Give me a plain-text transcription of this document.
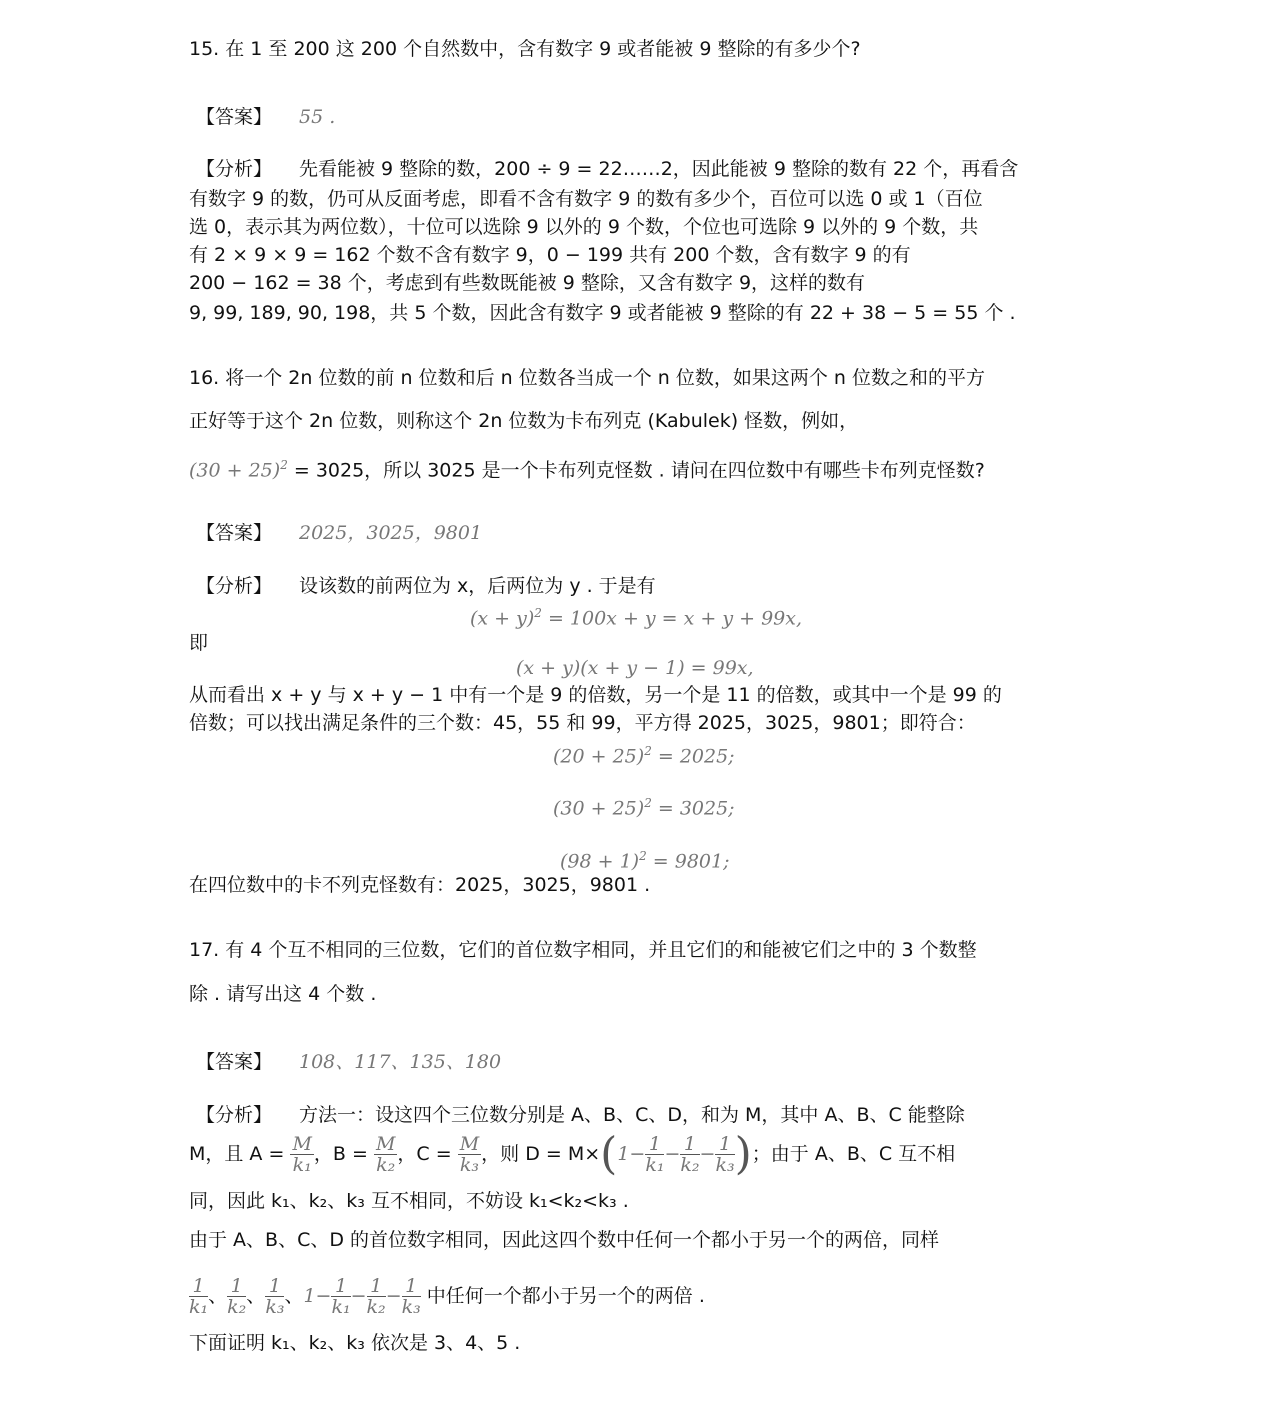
15. 在 1 至 200 这 200 个自然数中，含有数字 9 或者能被 9 整除的有多少个?
【答案】 55 .
【分析】 先看能被 9 整除的数，200 ÷ 9 = 22……2，因此能被 9 整除的数有 22 个，再看含
有数字 9 的数，仍可从反面考虑，即看不含有数字 9 的数有多少个，百位可以选 0 或 1（百位
选 0，表示其为两位数），十位可以选除 9 以外的 9 个数，个位也可选除 9 以外的 9 个数，共
有 2 × 9 × 9 = 162 个数不含有数字 9，0 − 199 共有 200 个数，含有数字 9 的有
200 − 162 = 38 个，考虑到有些数既能被 9 整除，又含有数字 9，这样的数有
9, 99, 189, 90, 198，共 5 个数，因此含有数字 9 或者能被 9 整除的有 22 + 38 − 5 = 55 个 .
16. 将一个 2n 位数的前 n 位数和后 n 位数各当成一个 n 位数，如果这两个 n 位数之和的平方
正好等于这个 2n 位数，则称这个 2n 位数为卡布列克 (Kabulek) 怪数，例如，
$(30 + 25)^2 = 3025$，所以 3025 是一个卡布列克怪数 . 请问在四位数中有哪些卡布列克怪数?
【答案】 2025，3025，9801
【分析】 设该数的前两位为 x，后两位为 y . 于是有
$(x + y)^2 = 100x + y = x + y + 99x$,
即
(x + y)(x + y − 1) = 99x,
从而看出 x + y 与 x + y − 1 中有一个是 9 的倍数，另一个是 11 的倍数，或其中一个是 99 的
倍数；可以找出满足条件的三个数：45，55 和 99，平方得 2025，3025，9801；即符合：
$(20 + 25)^2 = 2025$;
$(30 + 25)^2 = 3025$;
$(98 + 1)^2 = 9801$;
在四位数中的卡不列克怪数有：2025，3025，9801 .
17. 有 4 个互不相同的三位数，它们的首位数字相同，并且它们的和能被它们之中的 3 个数整
除 . 请写出这 4 个数 .
【答案】 108、117、135、180
【分析】 方法一：设这四个三位数分别是 A、B、C、D，和为 M，其中 A、B、C 能整除
M，且 $A = \frac{M}{\text{k₁}}$ ，$B = \frac{M}{\text{k₂}}$ ，$C = \frac{M}{\text{k₃}}$ ，则 $D = M\times(1- \frac{1}{\text{k₁}} - \frac{1}{\text{k₂}} - \frac{1}{\text{k₃}}$ )；由于 A、B、C 互不相
同，因此 k₁、k₂、k₃ 互不相同，不妨设 k₁<k₂<k₃ .
由于 A、B、C、D 的首位数字相同，因此这四个数中任何一个都小于另一个的两倍，同样
$\frac{1}{\text{k₁}}$ 、 $\frac{1}{\text{k₂}}$ 、 $\frac{1}{\text{k₃}}$ 、$1- \frac{1}{\text{k₁}} - \frac{1}{\text{k₂}} - \frac{1}{\text{k₃}}$ 中任何一个都小于另一个的两倍 .
下面证明 k₁、k₂、k₃ 依次是 3、4、5 .
